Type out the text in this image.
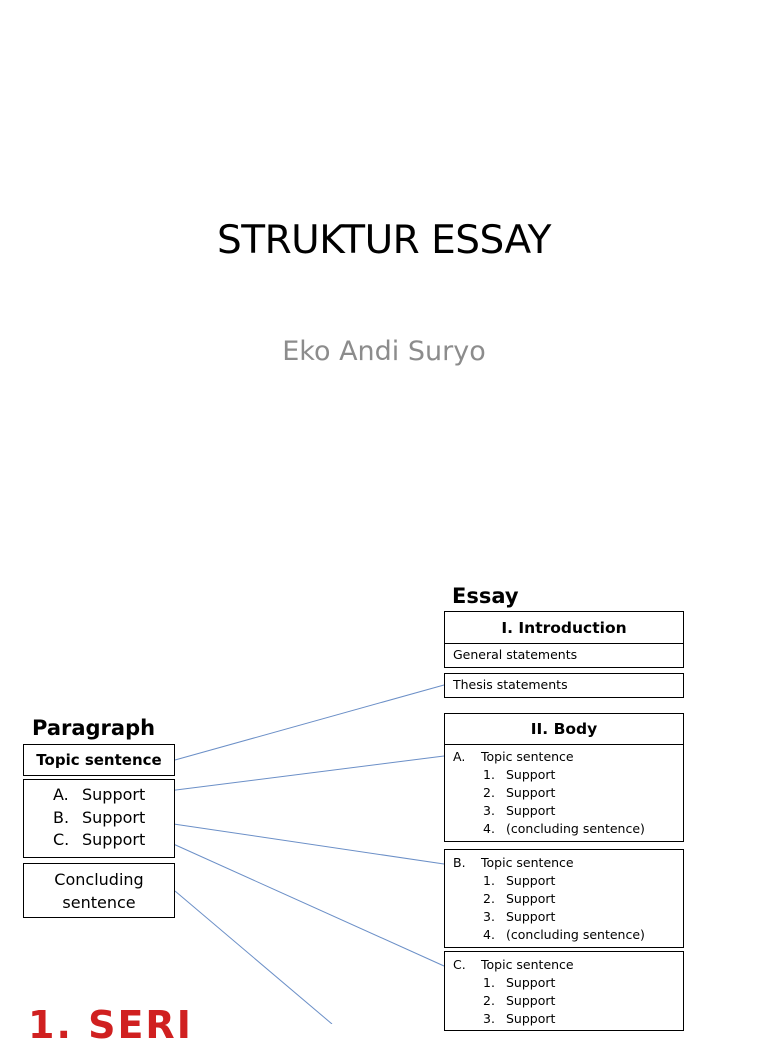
STRUKTUR ESSAY
Eko Andi Suryo
Essay
I. Introduction
General statements
Thesis statements
II. Body
A. Topic sentence
1. Support
2. Support
3. Support
4. (concluding sentence)
B. Topic sentence
1. Support
2. Support
3. Support
4. (concluding sentence)
C. Topic sentence
1. Support
2. Support
3. Support
Paragraph
Topic sentence
A. Support
B. Support
C. Support
Concluding
sentence
1. SERI
